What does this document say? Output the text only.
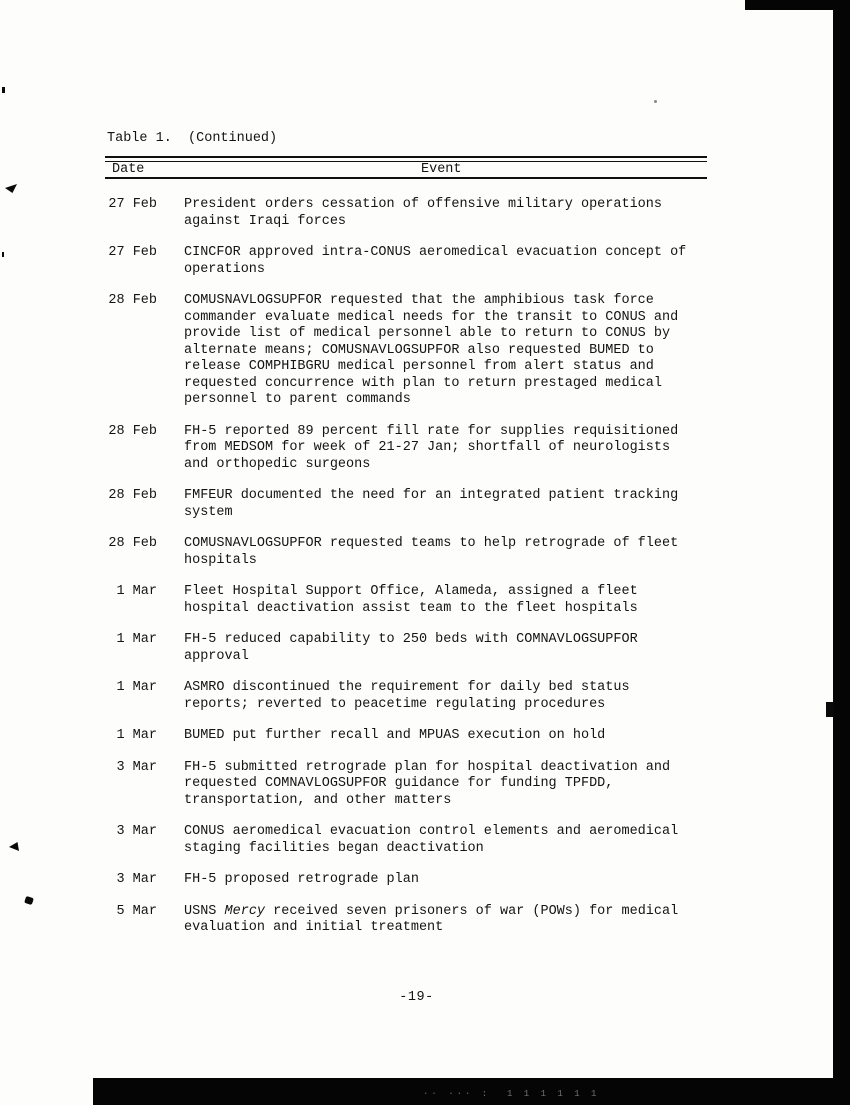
Table 1.  (Continued)
Date	Event
27 Feb President orders cessation of offensive military operations against Iraqi forces
27 Feb CINCFOR approved intra-CONUS aeromedical evacuation concept of operations
28 Feb COMUSNAVLOGSUPFOR requested that the amphibious task force commander evaluate medical needs for the transit to CONUS and provide list of medical personnel able to return to CONUS by alternate means; COMUSNAVLOGSUPFOR also requested BUMED to release COMPHIBGRU medical personnel from alert status and requested concurrence with plan to return prestaged medical personnel to parent commands
28 Feb FH-5 reported 89 percent fill rate for supplies requisitioned from MEDSOM for week of 21-27 Jan; shortfall of neurologists and orthopedic surgeons
28 Feb FMFEUR documented the need for an integrated patient tracking system
28 Feb COMUSNAVLOGSUPFOR requested teams to help retrograde of fleet hospitals
1 Mar Fleet Hospital Support Office, Alameda, assigned a fleet hospital deactivation assist team to the fleet hospitals
1 Mar FH-5 reduced capability to 250 beds with COMNAVLOGSUPFOR approval
1 Mar ASMRO discontinued the requirement for daily bed status reports; reverted to peacetime regulating procedures
1 Mar BUMED put further recall and MPUAS execution on hold
3 Mar FH-5 submitted retrograde plan for hospital deactivation and requested COMNAVLOGSUPFOR guidance for funding TPFDD, transportation, and other matters
3 Mar CONUS aeromedical evacuation control elements and aeromedical staging facilities began deactivation
3 Mar FH-5 proposed retrograde plan
5 Mar USNS Mercy received seven prisoners of war (POWs) for medical evaluation and initial treatment
-19-
·· ··· :  1 1 1 1 1 1
